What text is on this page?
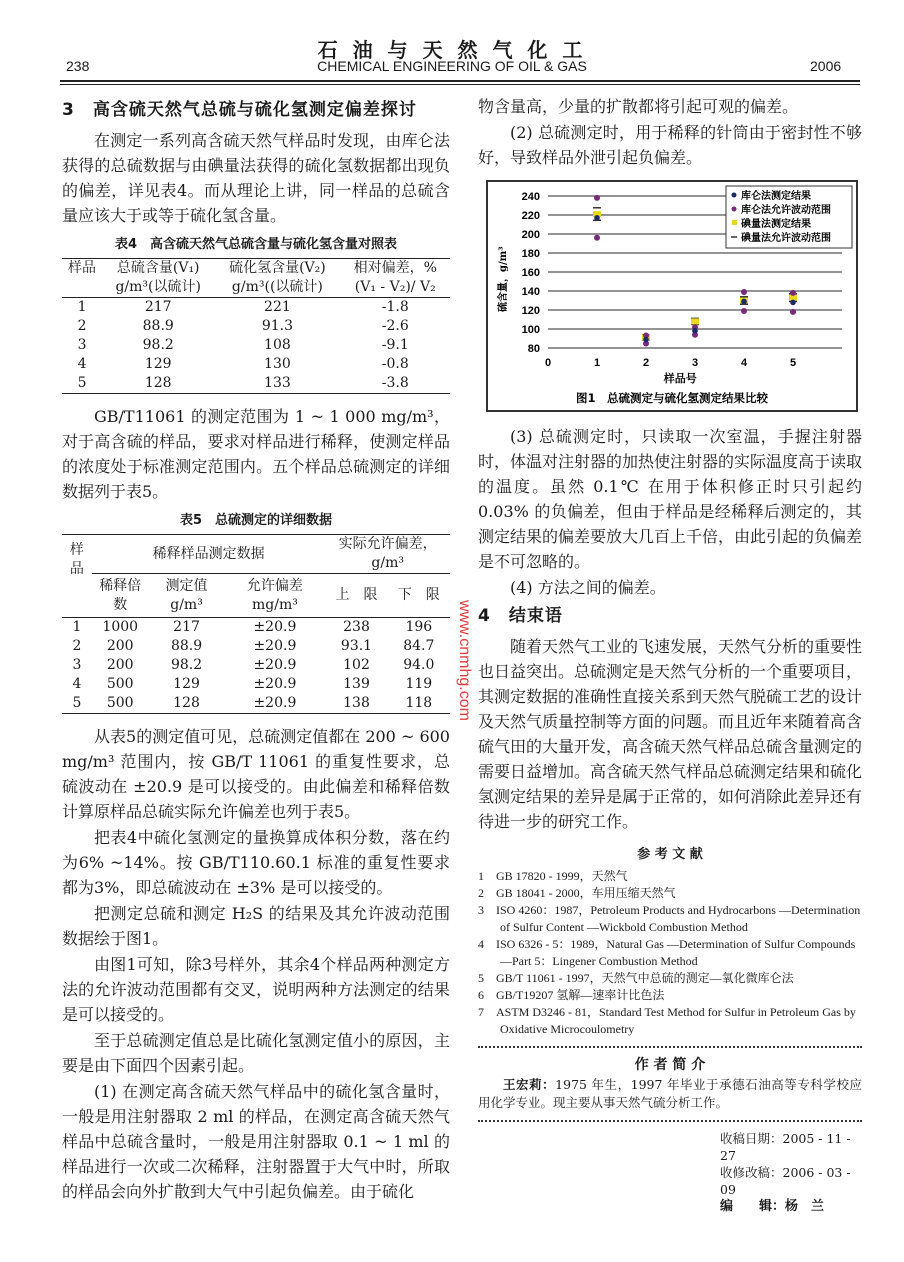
石 油 与 天 然 气 化 工
238	CHEMICAL ENGINEERING OF OIL & GAS	2006
3　高含硫天然气总硫与硫化氢测定偏差探讨
在测定一系列高含硫天然气样品时发现，由库仑法获得的总硫数据与由碘量法获得的硫化氢数据都出现负的偏差，详见表4。而从理论上讲，同一样品的总硫含量应该大于或等于硫化氢含量。
表4　高含硫天然气总硫含量与硫化氢含量对照表
样品	总硫含量(V₁)	硫化氢含量(V₂)	相对偏差，%
	g/m³(以硫计)	g/m³((以硫计)	(V₁ - V₂)/ V₂
1	217	221	-1.8
2	88.9	91.3	-2.6
3	98.2	108	-9.1
4	129	130	-0.8
5	128	133	-3.8
GB/T11061 的测定范围为 1 ~ 1 000 mg/m³，对于高含硫的样品，要求对样品进行稀释，使测定样品的浓度处于标准测定范围内。五个样品总硫测定的详细数据列于表5。
表5　总硫测定的详细数据
样品	稀释样品测定数据			实际允许偏差，g/m³	
	稀释倍数	测定值 g/m³	允许偏差 mg/m³	上　限	下　限
1	1000	217	±20.9	238	196
2	200	88.9	±20.9	93.1	84.7
3	200	98.2	±20.9	102	94.0
4	500	129	±20.9	139	119
5	500	128	±20.9	138	118
从表5的测定值可见，总硫测定值都在 200 ~ 600 mg/m³ 范围内，按 GB/T 11061 的重复性要求，总硫波动在 ±20.9 是可以接受的。由此偏差和稀释倍数计算原样品总硫实际允许偏差也列于表5。
把表4中硫化氢测定的量换算成体积分数，落在约为6% ~14%。按 GB/T110.60.1 标准的重复性要求都为3%，即总硫波动在 ±3% 是可以接受的。
把测定总硫和测定 H₂S 的结果及其允许波动范围数据绘于图1。
由图1可知，除3号样外，其余4个样品两种测定方法的允许波动范围都有交叉，说明两种方法测定的结果是可以接受的。
至于总硫测定值总是比硫化氢测定值小的原因，主要是由下面四个因素引起。
(1) 在测定高含硫天然气样品中的硫化氢含量时，一般是用注射器取 2 ml 的样品，在测定高含硫天然气样品中总硫含量时，一般是用注射器取 0.1 ~ 1 ml 的样品进行一次或二次稀释，注射器置于大气中时，所取的样品会向外扩散到大气中引起负偏差。由于硫化
物含量高，少量的扩散都将引起可观的偏差。
(2) 总硫测定时，用于稀释的针筒由于密封性不够好，导致样品外泄引起负偏差。
80
100
120
140
160
180
200
220
240
0	1	2	3	4	5
样品号
硫含量，g/m³
图1　总硫测定与硫化氢测定结果比较
库仑法测定结果
库仑法允许波动范围
碘量法测定结果
碘量法允许波动范围
(3) 总硫测定时，只读取一次室温，手握注射器时，体温对注射器的加热使注射器的实际温度高于读取的温度。虽然 0.1℃ 在用于体积修正时只引起约 0.03% 的负偏差，但由于样品是经稀释后测定的，其测定结果的偏差要放大几百上千倍，由此引起的负偏差是不可忽略的。
(4) 方法之间的偏差。
4　结束语
随着天然气工业的飞速发展，天然气分析的重要性也日益突出。总硫测定是天然气分析的一个重要项目，其测定数据的准确性直接关系到天然气脱硫工艺的设计及天然气质量控制等方面的问题。而且近年来随着高含硫气田的大量开发，高含硫天然气样品总硫含量测定的需要日益增加。高含硫天然气样品总硫测定结果和硫化氢测定结果的差异是属于正常的，如何消除此差异还有待进一步的研究工作。
参 考 文 献
1　GB 17820 - 1999，天然气
2　GB 18041 - 2000，车用压缩天然气
3　ISO 4260：1987，Petroleum Products and Hydrocarbons —Determination of Sulfur Content —Wickbold Combustion Method
4　ISO 6326 - 5：1989，Natural Gas —Determination of Sulfur Compounds —Part 5：Lingener Combustion Method
5　GB/T 11061 - 1997，天然气中总硫的测定—氧化微库仑法
6　GB/T19207 氢解—速率计比色法
7　ASTM D3246 - 81，Standard Test Method for Sulfur in Petroleum Gas by Oxidative Microcoulometry
作 者 简 介
王宏莉：1975 年生，1997 年毕业于承德石油高等专科学校应用化学专业。现主要从事天然气硫分析工作。
收稿日期：2005 - 11 - 27
收修改稿：2006 - 03 - 09
编　　辑：杨　兰
www.cnmhg.com
